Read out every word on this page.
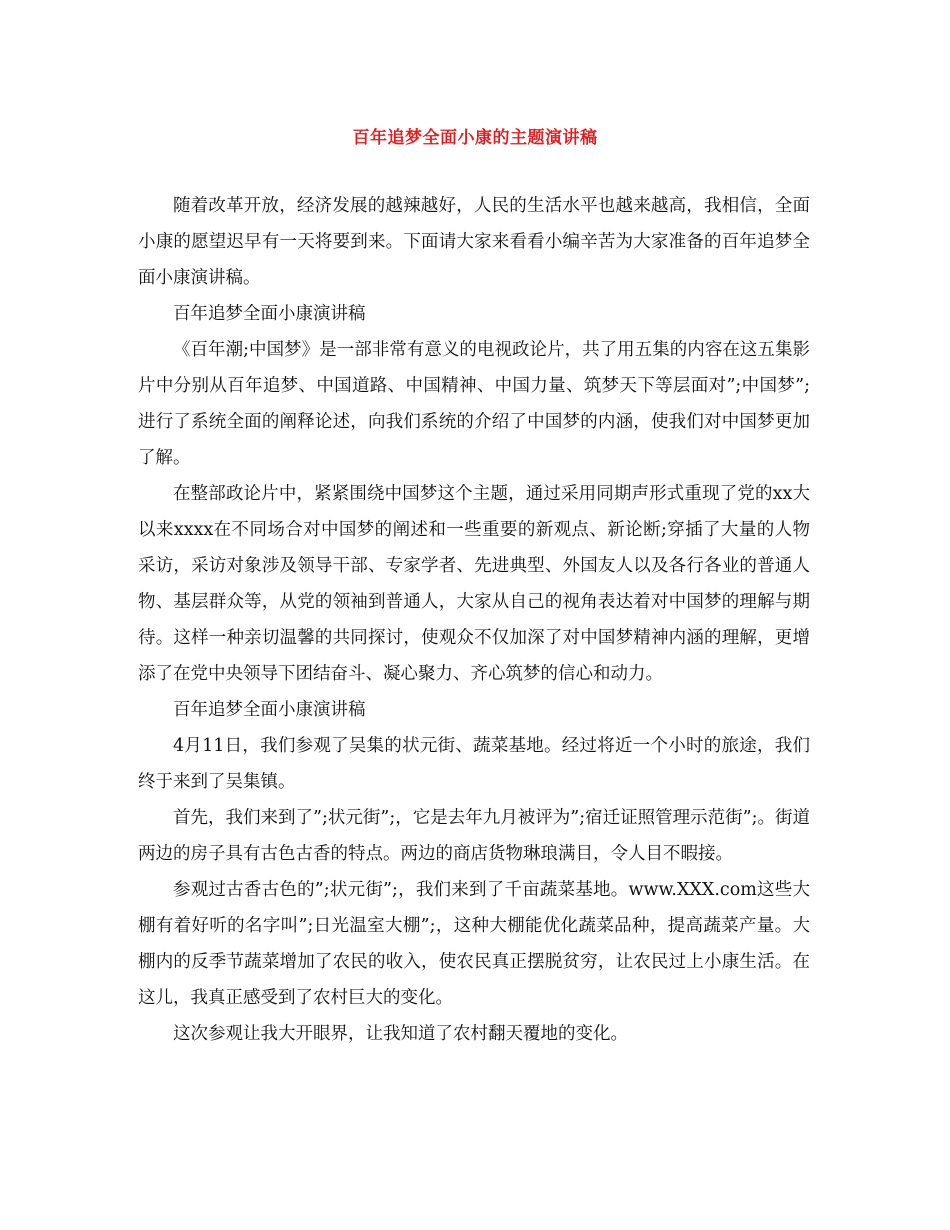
百年追梦全面小康的主题演讲稿

随着改革开放，经济发展的越辣越好，人民的生活水平也越来越高，我相信，全面小康的愿望迟早有一天将要到来。下面请大家来看看小编辛苦为大家准备的百年追梦全面小康演讲稿。

百年追梦全面小康演讲稿

《百年潮;中国梦》是一部非常有意义的电视政论片，共了用五集的内容在这五集影片中分别从百年追梦、中国道路、中国精神、中国力量、筑梦天下等层面对”;中国梦”;进行了系统全面的阐释论述，向我们系统的介绍了中国梦的内涵，使我们对中国梦更加了解。

在整部政论片中，紧紧围绕中国梦这个主题，通过采用同期声形式重现了党的xx大以来xxxx在不同场合对中国梦的阐述和一些重要的新观点、新论断;穿插了大量的人物采访，采访对象涉及领导干部、专家学者、先进典型、外国友人以及各行各业的普通人物、基层群众等，从党的领袖到普通人，大家从自己的视角表达着对中国梦的理解与期待。这样一种亲切温馨的共同探讨，使观众不仅加深了对中国梦精神内涵的理解，更增添了在党中央领导下团结奋斗、凝心聚力、齐心筑梦的信心和动力。

百年追梦全面小康演讲稿

4月11日，我们参观了吴集的状元街、蔬菜基地。经过将近一个小时的旅途，我们终于来到了吴集镇。

首先，我们来到了”;状元街”;，它是去年九月被评为”;宿迁证照管理示范街”;。街道两边的房子具有古色古香的特点。两边的商店货物琳琅满目，令人目不暇接。

参观过古香古色的”;状元街”;，我们来到了千亩蔬菜基地。www.XXX.com这些大棚有着好听的名字叫”;日光温室大棚”;，这种大棚能优化蔬菜品种，提高蔬菜产量。大棚内的反季节蔬菜增加了农民的收入，使农民真正摆脱贫穷，让农民过上小康生活。在这儿，我真正感受到了农村巨大的变化。

这次参观让我大开眼界，让我知道了农村翻天覆地的变化。
